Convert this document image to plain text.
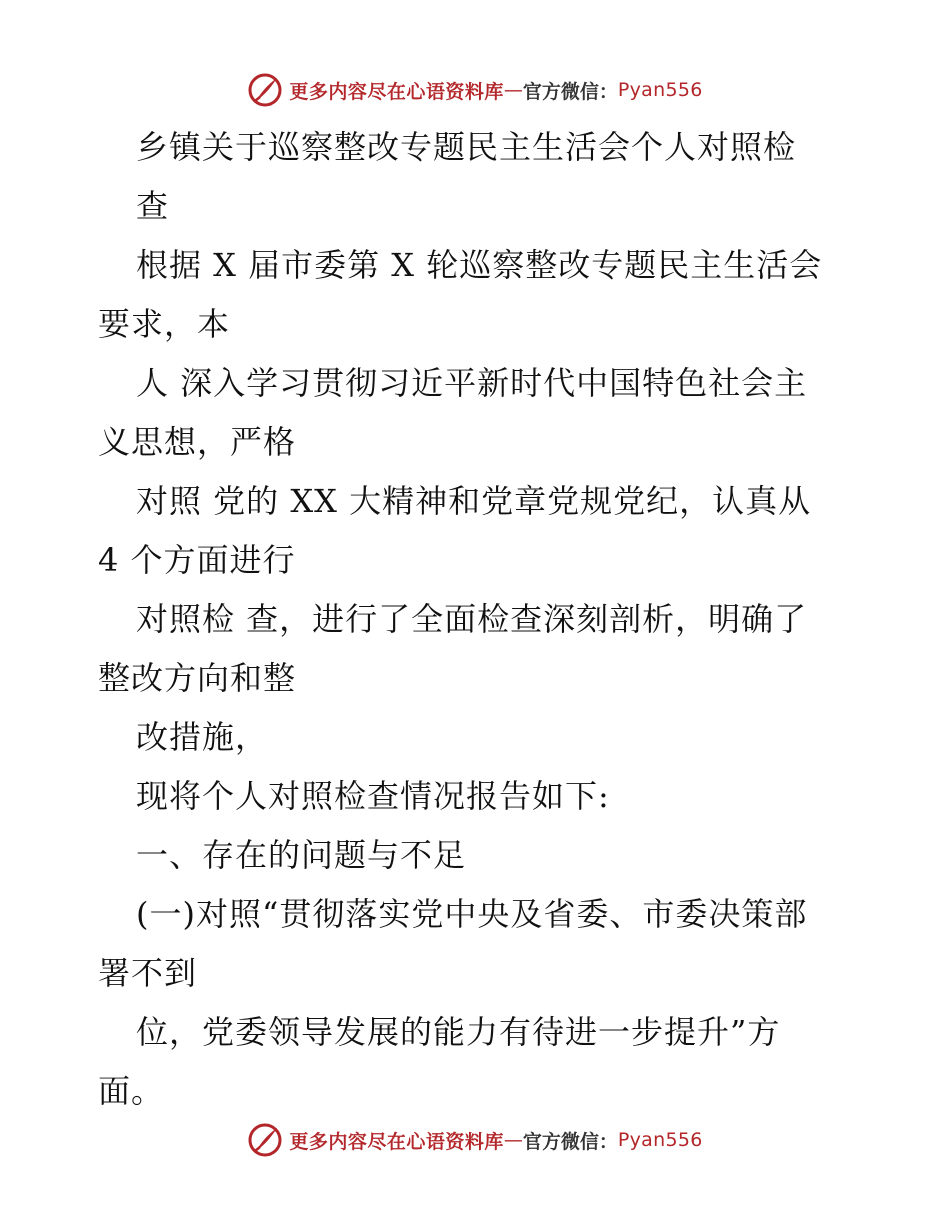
更多内容尽在心语资料库 — 官方微信： Pyan556
乡镇关于巡察整改专题民主生活会个人对照检
查
根据 X 届市委第 X 轮巡察整改专题民主生活会
要求，本
人 深入学习贯彻习近平新时代中国特色社会主
义思想，严格
对照 党的 XX 大精神和党章党规党纪，认真从
4 个方面进行
对照检 查，进行了全面检查深刻剖析，明确了
整改方向和整
改措施，
现将个人对照检查情况报告如下:
一、存在的问题与不足
(一)对照“贯彻落实党中央及省委、市委决策部
署不到
位，党委领导发展的能力有待进一步提升”方
面。
更多内容尽在心语资料库 — 官方微信： Pyan556
